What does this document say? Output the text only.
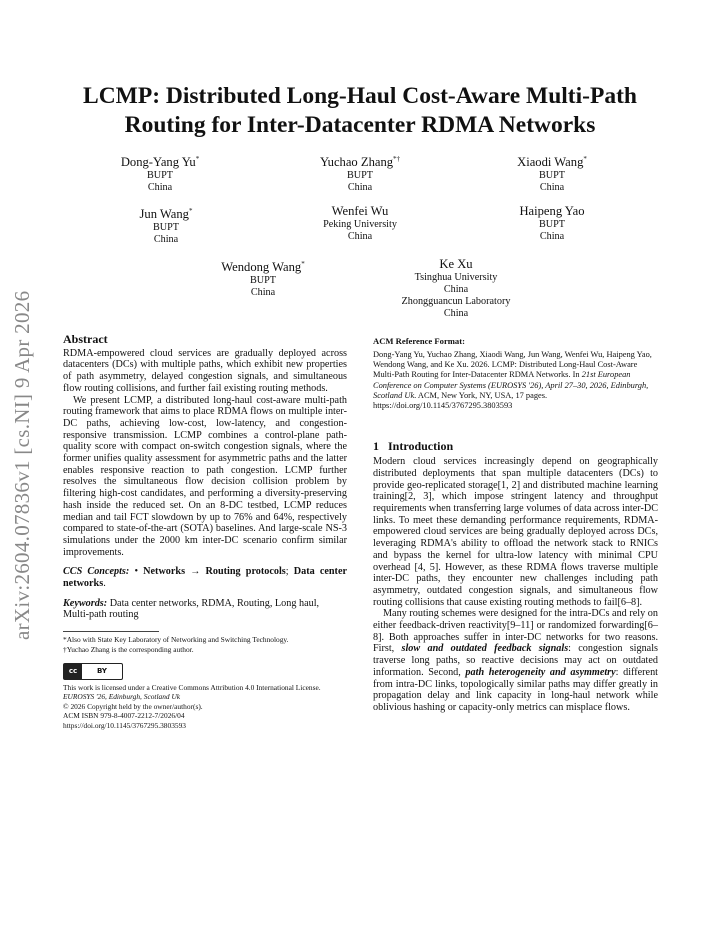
arXiv:2604.07836v1 [cs.NI] 9 Apr 2026
LCMP: Distributed Long-Haul Cost-Aware Multi-Path
Routing for Inter-Datacenter RDMA Networks
Dong-Yang Yu*
BUPT
China
Yuchao Zhang*†
BUPT
China
Xiaodi Wang*
BUPT
China
Jun Wang*
BUPT
China
Wenfei Wu
Peking University
China
Haipeng Yao
BUPT
China
Wendong Wang*
BUPT
China
Ke Xu
Tsinghua University
China
Zhongguancun Laboratory
China
Abstract

RDMA-empowered cloud services are gradually deployed across datacenters (DCs) with multiple paths, which exhibit new properties of path asymmetry, delayed congestion signals, and simultaneous flow routing collisions, and further fail existing routing methods.

We present LCMP, a distributed long-haul cost-aware multi-path routing framework that aims to place RDMA flows on multiple inter-DC paths, achieving low-cost, low-latency, and congestion-responsive transmission. LCMP combines a control-plane path-quality score with compact on-switch congestion signals, where the former unifies quality assessment for asymmetric paths and the latter enables responsive reaction to path congestion. LCMP further resolves the simultaneous flow decision collision problem by filtering high-cost candidates, and performing a diversity-preserving hash inside the reduced set. On an 8-DC testbed, LCMP reduces median and tail FCT slowdown by up to 76% and 64%, respectively compared to state-of-the-art (SOTA) baselines. And large-scale NS-3 simulations under the 2000 km inter-DC scenario confirm similar improvements.

CCS Concepts: • Networks → Routing protocols; Data center networks.

Keywords: Data center networks, RDMA, Routing, Long haul, Multi-path routing

*Also with State Key Laboratory of Networking and Switching Technology.
†Yuchao Zhang is the corresponding author.
cc	BY
This work is licensed under a Creative Commons Attribution 4.0 International License.
EUROSYS '26, Edinburgh, Scotland Uk
© 2026 Copyright held by the owner/author(s).
ACM ISBN 979-8-4007-2212-7/2026/04
https://doi.org/10.1145/3767295.3803593
ACM Reference Format:

Dong-Yang Yu, Yuchao Zhang, Xiaodi Wang, Jun Wang, Wenfei Wu, Haipeng Yao, Wendong Wang, and Ke Xu. 2026. LCMP: Distributed Long-Haul Cost-Aware Multi-Path Routing for Inter-Datacenter RDMA Networks. In 21st European Conference on Computer Systems (EUROSYS '26), April 27–30, 2026, Edinburgh, Scotland Uk. ACM, New York, NY, USA, 17 pages. https://doi.org/10.1145/3767295.3803593

1   Introduction

Modern cloud services increasingly depend on geographically distributed deployments that span multiple datacenters (DCs) to provide geo-replicated storage[1, 2] and distributed machine learning training[2, 3], which impose stringent latency and throughput requirements when transferring large volumes of data across inter-DC links. To meet these demanding performance requirements, RDMA-empowered cloud services are being gradually deployed across DCs, leveraging RDMA's ability to offload the network stack to RNICs and bypass the kernel for ultra-low latency with minimal CPU overhead [4, 5]. However, as these RDMA flows traverse multiple inter-DC paths, they encounter new challenges including path asymmetry, outdated congestion signals, and simultaneous flow routing collisions that cause existing routing methods to fail[6–8].

Many routing schemes were designed for the intra-DCs and rely on either feedback-driven reactivity[9–11] or randomized forwarding[6–8]. Both approaches suffer in inter-DC networks for two reasons. First, slow and outdated feedback signals: congestion signals traverse long paths, so reactive decisions may act on outdated information. Second, path heterogeneity and asymmetry: different from intra-DC links, topologically similar paths may differ greatly in propagation delay and link capacity in long-haul network while oblivious hashing or capacity-only metrics can misplace flows.
